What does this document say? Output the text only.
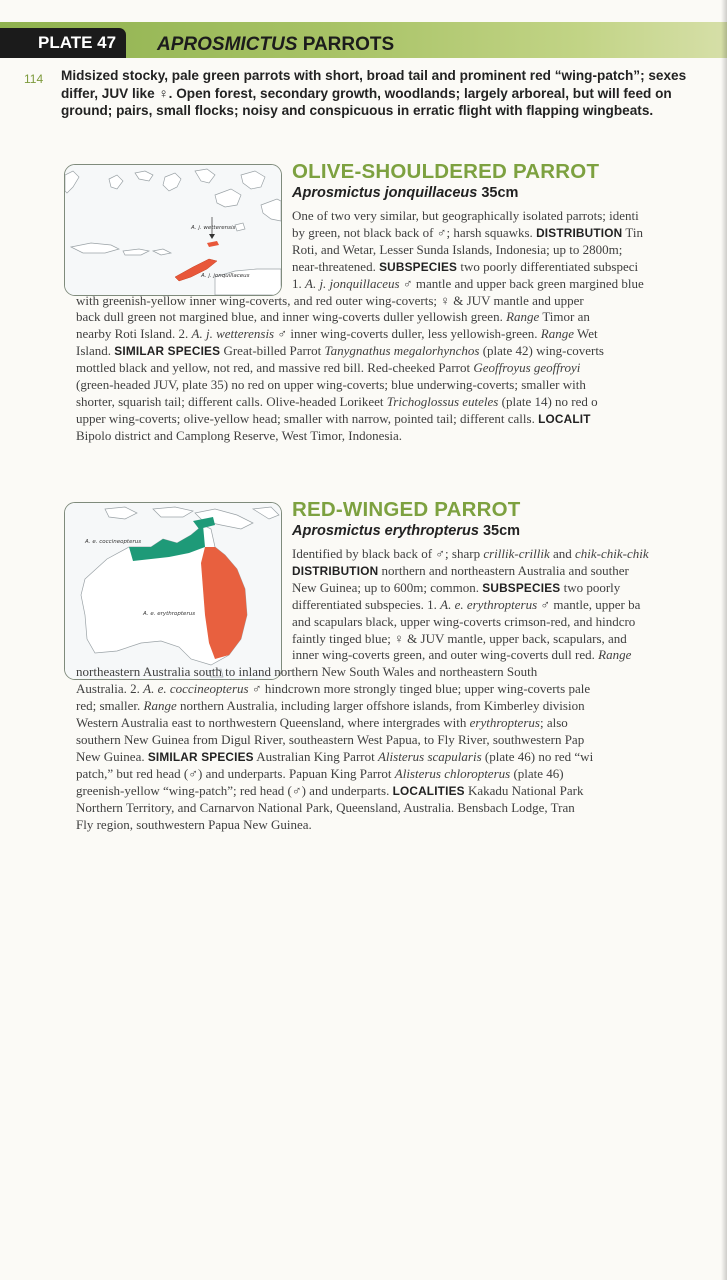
PLATE 47	APROSMICTUS PARROTS
114 Midsized stocky, pale green parrots with short, broad tail and prominent red “wing-patch”; sexes differ, JUV like ♀. Open forest, secondary growth, woodlands; largely arboreal, but will feed on ground; pairs, small flocks; noisy and conspicuous in erratic flight with flapping wingbeats.
A. j. wetterensis
A. j. jonquillaceus
OLIVE-SHOULDERED PARROT
Aprosmictus jonquillaceus 35cm
One of two very similar, but geographically isolated parrots; identi
by green, not black back of ♂; harsh squawks. DISTRIBUTION Tin
Roti, and Wetar, Lesser Sunda Islands, Indonesia; up to 2800m;
near-threatened. SUBSPECIES two poorly differentiated subspeci
1. A. j. jonquillaceus ♂ mantle and upper back green margined blue
with greenish-yellow inner wing-coverts, and red outer wing-coverts; ♀ & JUV mantle and upper
back dull green not margined blue, and inner wing-coverts duller yellowish green. Range Timor an
nearby Roti Island. 2. A. j. wetterensis ♂ inner wing-coverts duller, less yellowish-green. Range Wet
Island. SIMILAR SPECIES Great-billed Parrot Tanygnathus megalorhynchos (plate 42) wing-coverts
mottled black and yellow, not red, and massive red bill. Red-cheeked Parrot Geoffroyus geoffroyi
(green-headed JUV, plate 35) no red on upper wing-coverts; blue underwing-coverts; smaller with
shorter, squarish tail; different calls. Olive-headed Lorikeet Trichoglossus euteles (plate 14) no red o
upper wing-coverts; olive-yellow head; smaller with narrow, pointed tail; different calls. LOCALIT
Bipolo district and Camplong Reserve, West Timor, Indonesia.
A. e. coccineopterus
A. e. erythropterus
RED-WINGED PARROT
Aprosmictus erythropterus 35cm
Identified by black back of ♂; sharp crillik-crillik and chik-chik-chik
DISTRIBUTION northern and northeastern Australia and souther
New Guinea; up to 600m; common. SUBSPECIES two poorly
differentiated subspecies. 1. A. e. erythropterus ♂ mantle, upper ba
and scapulars black, upper wing-coverts crimson-red, and hindcro
faintly tinged blue; ♀ & JUV mantle, upper back, scapulars, and
inner wing-coverts green, and outer wing-coverts dull red. Range
northeastern Australia south to inland northern New South Wales and northeastern South
Australia. 2. A. e. coccineopterus ♂ hindcrown more strongly tinged blue; upper wing-coverts pale
red; smaller. Range northern Australia, including larger offshore islands, from Kimberley division
Western Australia east to northwestern Queensland, where intergrades with erythropterus; also
southern New Guinea from Digul River, southeastern West Papua, to Fly River, southwestern Pap
New Guinea. SIMILAR SPECIES Australian King Parrot Alisterus scapularis (plate 46) no red “wi
patch,” but red head (♂) and underparts. Papuan King Parrot Alisterus chloropterus (plate 46)
greenish-yellow “wing-patch”; red head (♂) and underparts. LOCALITIES Kakadu National Park
Northern Territory, and Carnarvon National Park, Queensland, Australia. Bensbach Lodge, Tran
Fly region, southwestern Papua New Guinea.
